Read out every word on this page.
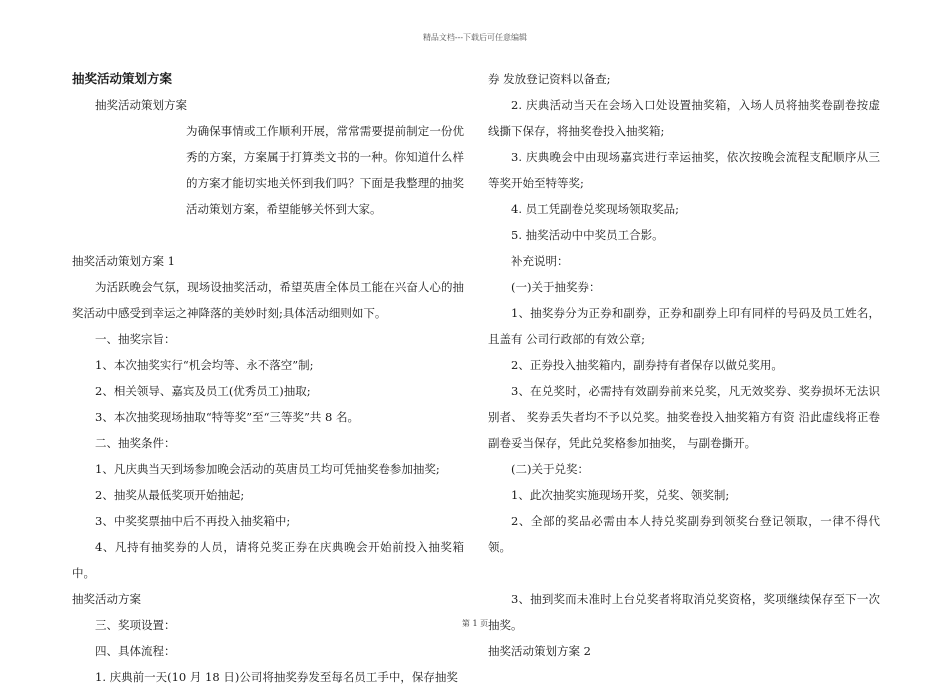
精品文档---下载后可任意编辑

抽奖活动策划方案

抽奖活动策划方案

为确保事情或工作顺利开展，常常需要提前制定一份优秀的方案，方案属于打算类文书的一种。你知道什么样的方案才能切实地关怀到我们吗？下面是我整理的抽奖活动策划方案，希望能够关怀到大家。

抽奖活动策划方案 1

为活跃晚会气氛，现场设抽奖活动，希望英唐全体员工能在兴奋人心的抽奖活动中感受到幸运之神降落的美妙时刻;具体活动细则如下。

一、抽奖宗旨：

1、本次抽奖实行“机会均等、永不落空”制;

2、相关领导、嘉宾及员工(优秀员工)抽取;

3、本次抽奖现场抽取“特等奖”至“三等奖”共 8 名。

二、抽奖条件：

1、凡庆典当天到场参加晚会活动的英唐员工均可凭抽奖卷参加抽奖;

2、抽奖从最低奖项开始抽起;

3、中奖奖票抽中后不再投入抽奖箱中;

4、凡持有抽奖券的人员，请将兑奖正券在庆典晚会开始前投入抽奖箱中。

抽奖活动方案

三、奖项设置：

四、具体流程：

1. 庆典前一天(10 月 18 日)公司将抽奖券发至每名员工手中，保存抽奖

券 发放登记资料以备查;

2. 庆典活动当天在会场入口处设置抽奖箱，入场人员将抽奖卷副卷按虚线撕下保存，将抽奖卷投入抽奖箱;

3. 庆典晚会中由现场嘉宾进行幸运抽奖，依次按晚会流程支配顺序从三等奖开始至特等奖;

4. 员工凭副卷兑奖现场领取奖品;

5. 抽奖活动中中奖员工合影。

补充说明：

(一)关于抽奖券：

1、抽奖券分为正券和副券，正券和副券上印有同样的号码及员工姓名，且盖有 公司行政部的有效公章;

2、正券投入抽奖箱内，副券持有者保存以做兑奖用。

3、在兑奖时，必需持有效副券前来兑奖，凡无效奖券、奖券损坏无法识别者、 奖券丢失者均不予以兑奖。抽奖卷投入抽奖箱方有资 沿此虚线将正卷 副卷妥当保存，凭此兑奖格参加抽奖， 与副卷撕开。

(二)关于兑奖：

1、此次抽奖实施现场开奖，兑奖、领奖制;

2、全部的奖品必需由本人持兑奖副券到领奖台登记领取，一律不得代领。

3、抽到奖而未准时上台兑奖者将取消兑奖资格，奖项继续保存至下一次抽奖。

抽奖活动策划方案 2

第 1 页
